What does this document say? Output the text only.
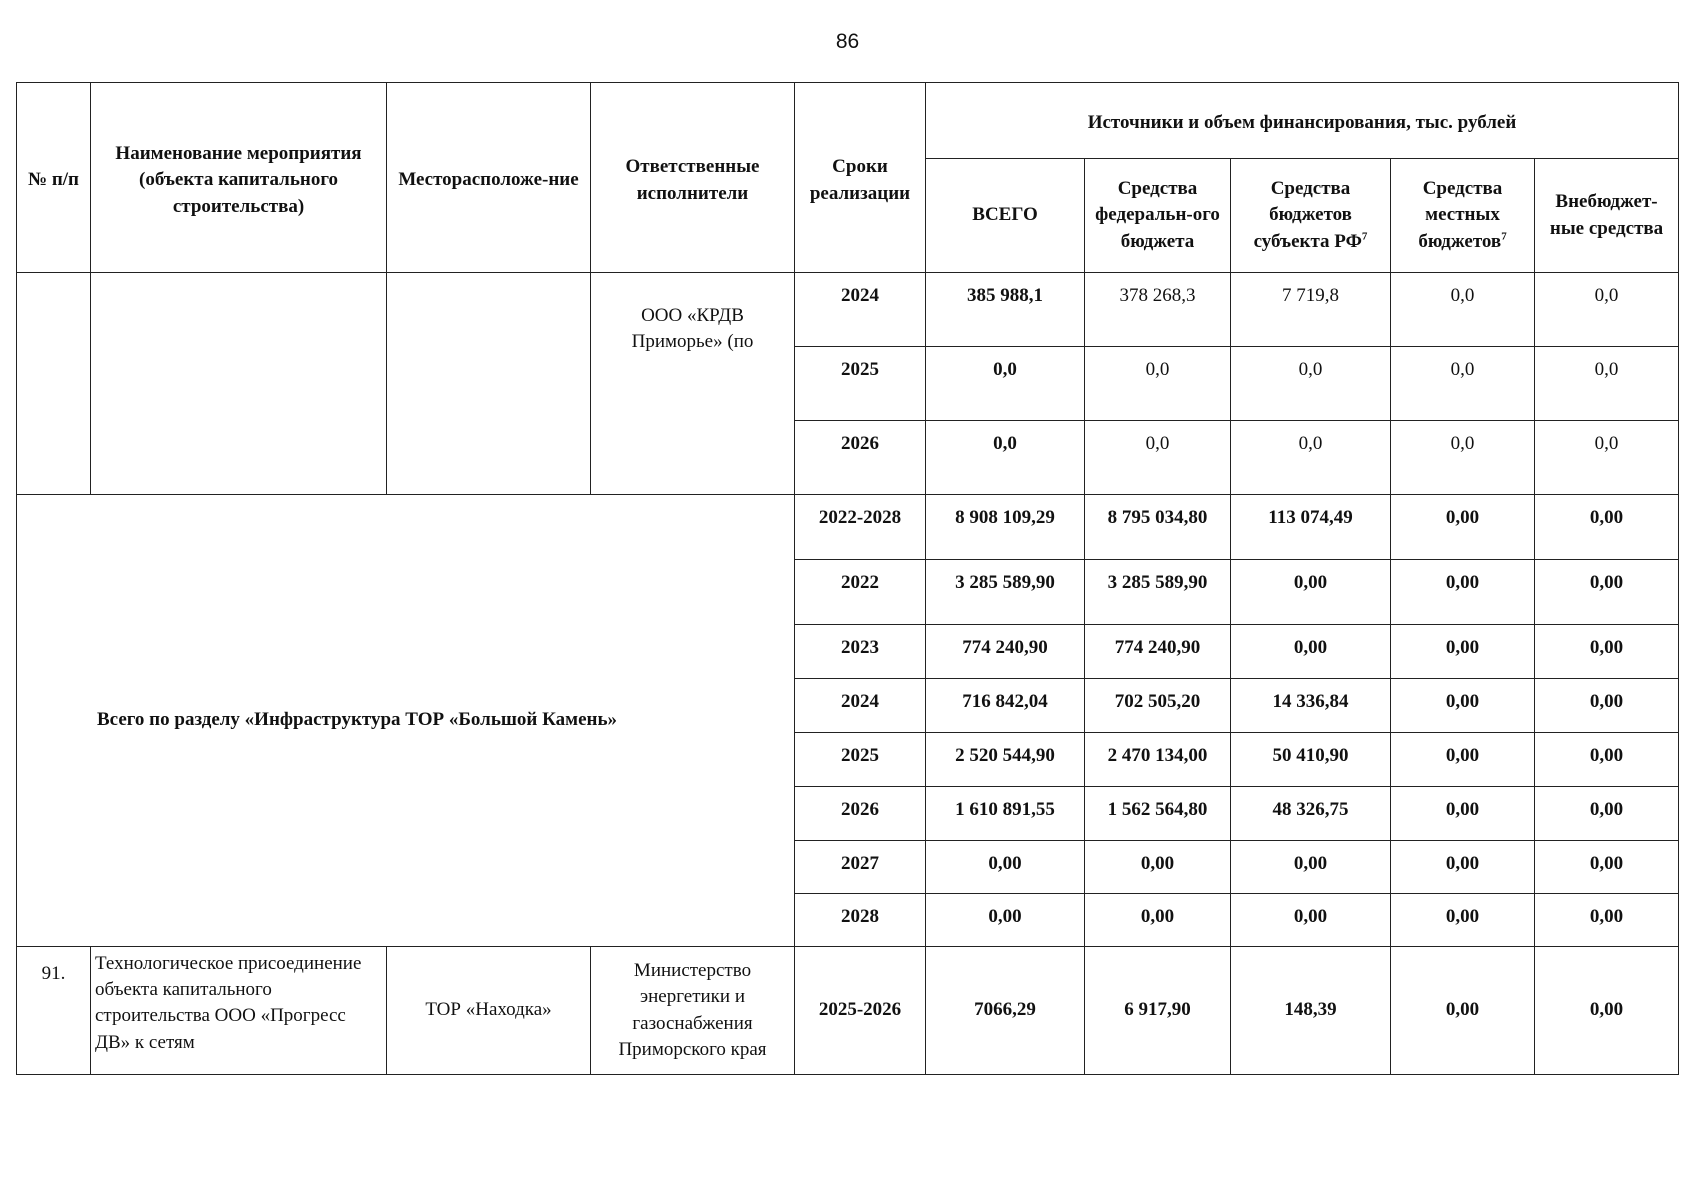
86
№ п/п	Наименование мероприятия (объекта капитального строительства)	Месторасположе-ние	Ответственные исполнители	Сроки реализации	Источники и объем финансирования, тыс. рублей				
					ВСЕГО	Средства федеральн-ого бюджета	Средства бюджетов субъекта $РФ^7$	Средства местных бюджетов$^7$	Внебюджет-ные средства
			ООО «КРДВ Приморье» (по	2024	385 988,1	378 268,3	7 719,8	0,0	0,0
				2025	0,0	0,0	0,0	0,0	0,0
				2026	0,0	0,0	0,0	0,0	0,0
Всего по разделу «Инфраструктура ТОР «Большой Камень»				2022-2028	8 908 109,29	8 795 034,80	113 074,49	0,00	0,00
				2022	3 285 589,90	3 285 589,90	0,00	0,00	0,00
				2023	774 240,90	774 240,90	0,00	0,00	0,00
				2024	716 842,04	702 505,20	14 336,84	0,00	0,00
				2025	2 520 544,90	2 470 134,00	50 410,90	0,00	0,00
				2026	1 610 891,55	1 562 564,80	48 326,75	0,00	0,00
				2027	0,00	0,00	0,00	0,00	0,00
				2028	0,00	0,00	0,00	0,00	0,00
91.	Технологическое присоединение объекта капитального строительства ООО «Прогресс ДВ» к сетям	ТОР «Находка»	Министерство энергетики и газоснабжения Приморского края	2025-2026	7066,29	6 917,90	148,39	0,00	0,00
